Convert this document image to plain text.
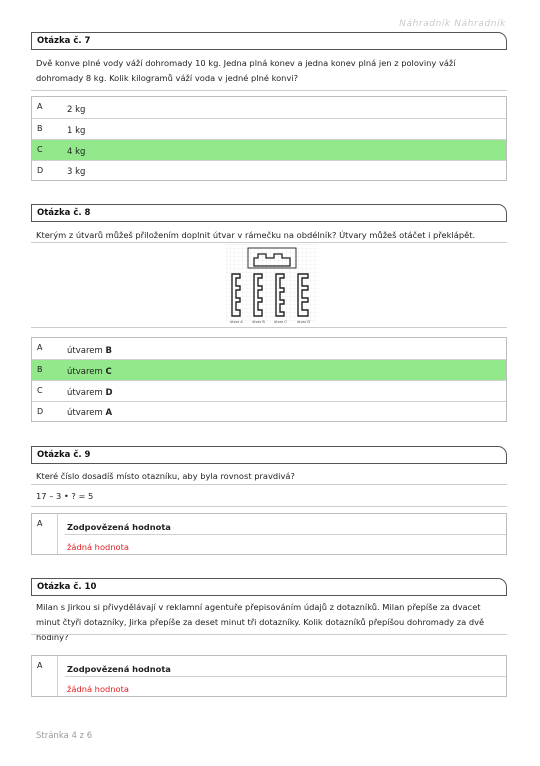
Náhradník Náhradník
Otázka č. 7
Dvě konve plné vody váží dohromady 10 kg. Jedna plná konev a jedna konev plná jen z poloviny váží dohromady 8 kg. Kolik kilogramů váží voda v jedné plné konvi?
A	2 kg
B	1 kg
C	4 kg
D	3 kg
Otázka č. 8
Kterým z útvarů můžeš přiložením doplnit útvar v rámečku na obdélník? Útvary můžeš otáčet i překlápět.
útvar A	útvar B	útvar C	útvar D
A	útvarem B
B	útvarem C
C	útvarem D
D	útvarem A
Otázka č. 9
Které číslo dosadíš místo otazníku, aby byla rovnost pravdivá?
17 – 3 • ? = 5
A	Zodpovězená hodnota
žádná hodnota
Otázka č. 10
Milan s Jirkou si přivydělávají v reklamní agentuře přepisováním údajů z dotazníků. Milan přepíše za dvacet minut čtyři dotazníky, Jirka přepíše za deset minut tři dotazníky. Kolik dotazníků přepíšou dohromady za dvě hodiny?
A	Zodpovězená hodnota
žádná hodnota
Stránka 4 z 6
